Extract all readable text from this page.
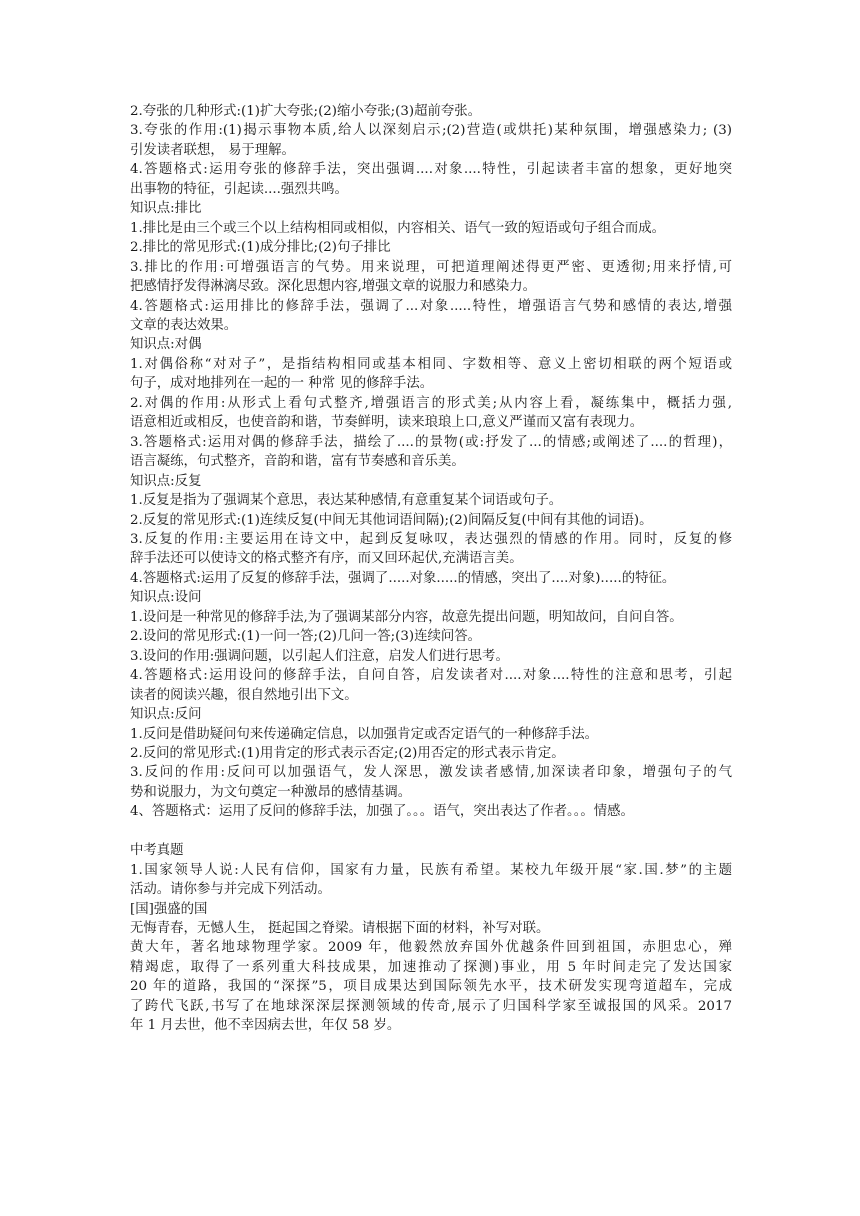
2.夸张的几种形式:(1)扩大夸张;(2)缩小夸张;(3)超前夸张。
3.夸张的作用:(1)揭示事物本质,给人以深刻启示;(2)营造(或烘托)某种氛围，增强感染力; (3)
引发读者联想， 易于理解。
4.答题格式:运用夸张的修辞手法，突出强调....对象....特性，引起读者丰富的想象，更好地突
出事物的特征，引起读....强烈共鸣。
知识点:排比
1.排比是由三个或三个以上结构相同或相似，内容相关、语气一致的短语或句子组合而成。
2.排比的常见形式:(1)成分排比;(2)句子排比
3.排比的作用:可增强语言的气势。用来说理，可把道理阐述得更严密、更透彻;用来抒情,可
把感情抒发得淋漓尽致。深化思想内容,增强文章的说服力和感染力。
4.答题格式:运用排比的修辞手法，强调了...对象.....特性，增强语言气势和感情的表达,增强
文章的表达效果。
知识点:对偶
1.对偶俗称“对对子”，是指结构相同或基本相同、字数相等、意义上密切相联的两个短语或
句子，成对地排列在一起的一 种常 见的修辞手法。
2.对偶的作用:从形式上看句式整齐,增强语言的形式美;从内容上看，凝练集中，概括力强,
语意相近或相反，也使音韵和谐，节奏鲜明，读来琅琅上口,意义严谨而又富有表现力。
3.答题格式:运用对偶的修辞手法，描绘了....的景物(或:抒发了...的情感;或阐述了....的哲理)，
语言凝练，句式整齐，音韵和谐，富有节奏感和音乐美。
知识点:反复
1.反复是指为了强调某个意思，表达某种感情,有意重复某个词语或句子。
2.反复的常见形式:(1)连续反复(中间无其他词语间隔);(2)间隔反复(中间有其他的词语)。
3.反复的作用:主要运用在诗文中，起到反复咏叹，表达强烈的情感的作用。同时，反复的修
辞手法还可以使诗文的格式整齐有序，而又回环起伏,充满语言美。
4.答题格式:运用了反复的修辞手法，强调了.....对象.....的情感，突出了....对象).....的特征。
知识点:设问
1.设问是一种常见的修辞手法,为了强调某部分内容，故意先提出问题，明知故问，自问自答。
2.设问的常见形式:(1)一问一答;(2)几问一答;(3)连续问答。
3.设问的作用:强调问题，以引起人们注意，启发人们进行思考。
4.答题格式:运用设问的修辞手法，自问自答，启发读者对....对象....特性的注意和思考，引起
读者的阅读兴趣，很自然地引出下文。
知识点:反问
1.反问是借助疑问句来传递确定信息，以加强肯定或否定语气的一种修辞手法。
2.反问的常见形式:(1)用肯定的形式表示否定;(2)用否定的形式表示肯定。
3.反问的作用:反问可以加强语气，发人深思，激发读者感情,加深读者印象，增强句子的气
势和说服力，为文句奠定一种激昂的感情基调。
4、答题格式：运用了反问的修辞手法，加强了。。。语气，突出表达了作者。。。情感。
中考真题
1.国家领导人说:人民有信仰，国家有力量，民族有希望。某校九年级开展“家.国.梦”的主题
活动。请你参与并完成下列活动。
[国]强盛的国
无悔青春，无憾人生， 挺起国之脊梁。请根据下面的材料，补写对联。
黄大年，著名地球物理学家。2009 年，他毅然放弃国外优越条件回到祖国，赤胆忠心，殚
精竭虑，取得了一系列重大科技成果，加速推动了探测)事业，用 5 年时间走完了发达国家
20 年的道路，我国的“深探”5，项目成果达到国际领先水平，技术研发实现弯道超车，完成
了跨代飞跃,书写了在地球深深层探测领域的传奇,展示了归国科学家至诚报国的风采。2017
年 1 月去世，他不幸因病去世，年仅 58 岁。
